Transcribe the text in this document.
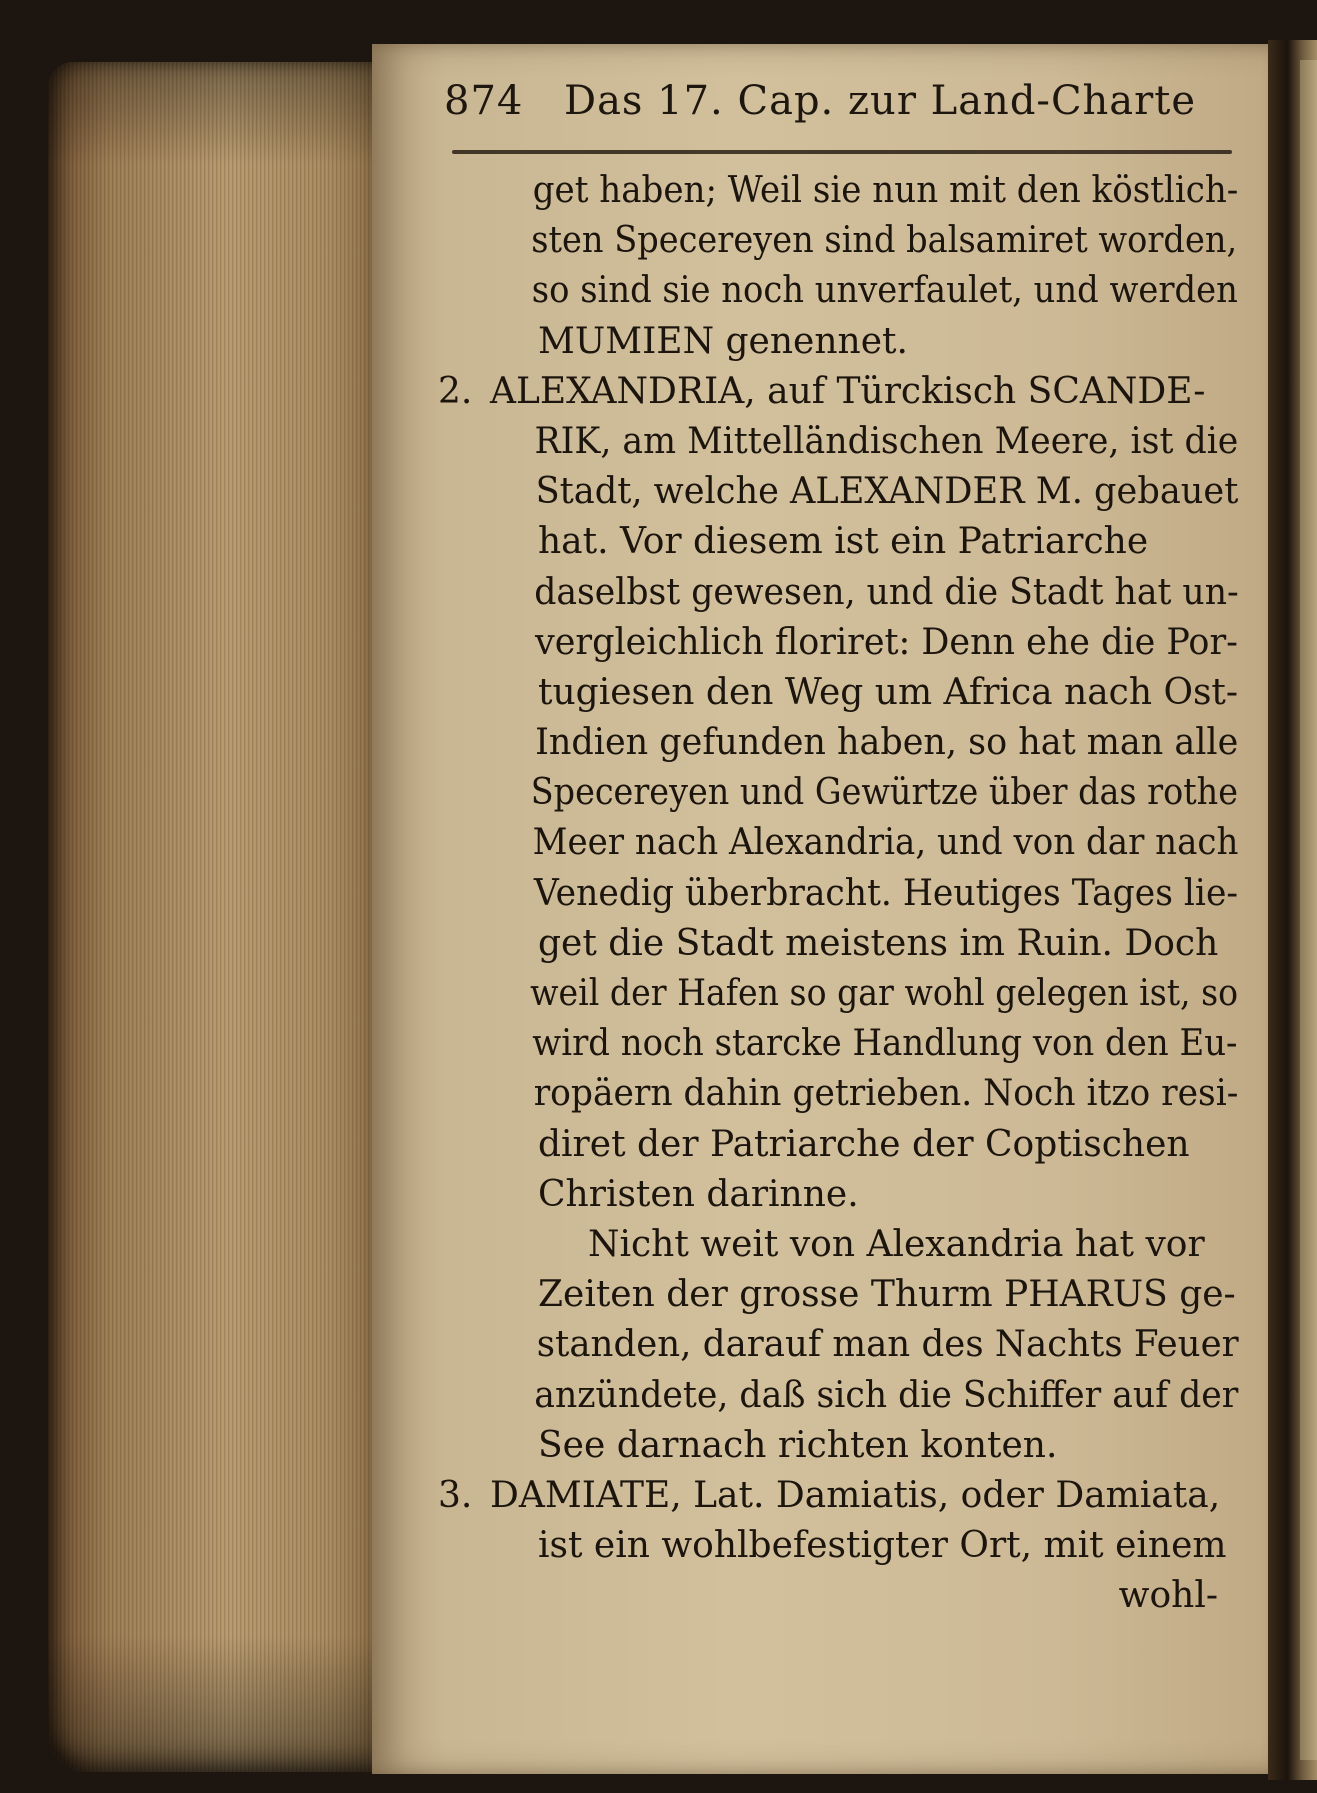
874 Das 17. Cap. zur Land-Charte
get haben; Weil sie nun mit den köstlich-
sten Specereyen sind balsamiret worden,
so sind sie noch unverfaulet, und werden
MUMIEN genennet.
2. ALEXANDRIA, auf Türckisch SCANDE-
RIK, am Mittelländischen Meere, ist die
Stadt, welche ALEXANDER M. gebauet
hat. Vor diesem ist ein Patriarche
daselbst gewesen, und die Stadt hat un-
vergleichlich floriret: Denn ehe die Por-
tugiesen den Weg um Africa nach Ost-
Indien gefunden haben, so hat man alle
Specereyen und Gewürtze über das rothe
Meer nach Alexandria, und von dar nach
Venedig überbracht. Heutiges Tages lie-
get die Stadt meistens im Ruin. Doch
weil der Hafen so gar wohl gelegen ist, so
wird noch starcke Handlung von den Eu-
ropäern dahin getrieben. Noch itzo resi-
diret der Patriarche der Coptischen
Christen darinne.
Nicht weit von Alexandria hat vor
Zeiten der grosse Thurm PHARUS ge-
standen, darauf man des Nachts Feuer
anzündete, daß sich die Schiffer auf der
See darnach richten konten.
3. DAMIATE, Lat. Damiatis, oder Damiata,
ist ein wohlbefestigter Ort, mit einem
wohl-
